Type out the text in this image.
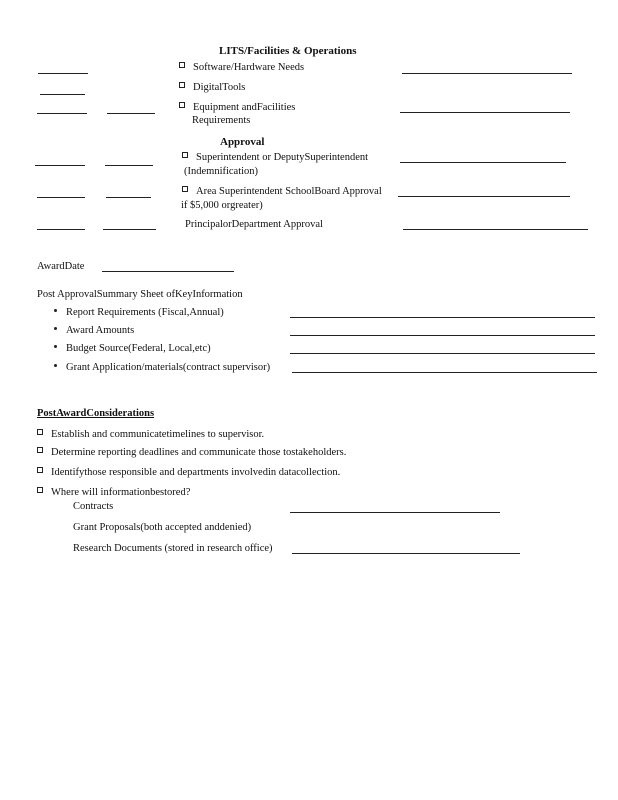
LITS/Facilities & Operations
Software/Hardware Needs
DigitalTools
Equipment andFacilities
Requirements
Approval
Superintendent or DeputySuperintendent
(Indemnification)
Area Superintendent SchoolBoard Approval
if $5,000 orgreater)
PrincipalorDepartment Approval
AwardDate
Post ApprovalSummary Sheet ofKeyInformation
Report Requirements (Fiscal,Annual)
Award Amounts
Budget Source(Federal, Local,etc)
Grant Application/materials(contract supervisor)
PostAwardConsiderations
Establish and communicatetimelines to supervisor.
Determine reporting deadlines and communicate those tostakeholders.
Identifythose responsible and departments involvedin datacollection.
Where will informationbestored?
Contracts
Grant Proposals(both accepted anddenied)
Research Documents (stored in research office)
